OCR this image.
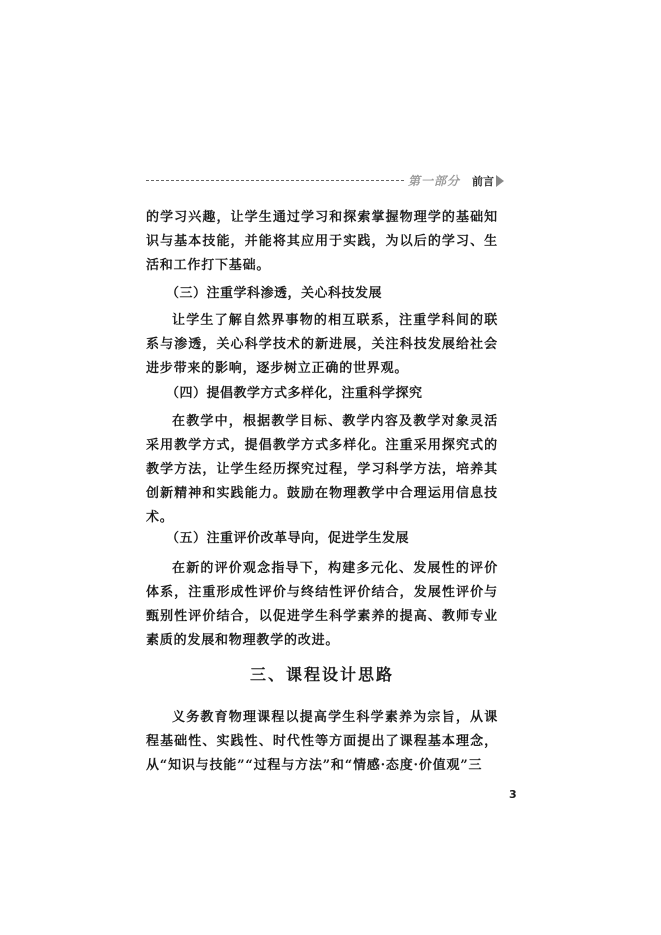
第一部分 前言

的学习兴趣，让学生通过学习和探索掌握物理学的基础知识与基本技能，并能将其应用于实践，为以后的学习、生活和工作打下基础。

（三）注重学科渗透，关心科技发展

让学生了解自然界事物的相互联系，注重学科间的联系与渗透，关心科学技术的新进展，关注科技发展给社会进步带来的影响，逐步树立正确的世界观。

（四）提倡教学方式多样化，注重科学探究

在教学中，根据教学目标、教学内容及教学对象灵活采用教学方式，提倡教学方式多样化。注重采用探究式的教学方法，让学生经历探究过程，学习科学方法，培养其创新精神和实践能力。鼓励在物理教学中合理运用信息技术。

（五）注重评价改革导向，促进学生发展

在新的评价观念指导下，构建多元化、发展性的评价体系，注重形成性评价与终结性评价结合，发展性评价与甄别性评价结合，以促进学生科学素养的提高、教师专业素质的发展和物理教学的改进。

三、课程设计思路

义务教育物理课程以提高学生科学素养为宗旨，从课程基础性、实践性、时代性等方面提出了课程基本理念，从“知识与技能”“过程与方法”和“情感·态度·价值观”三

3
